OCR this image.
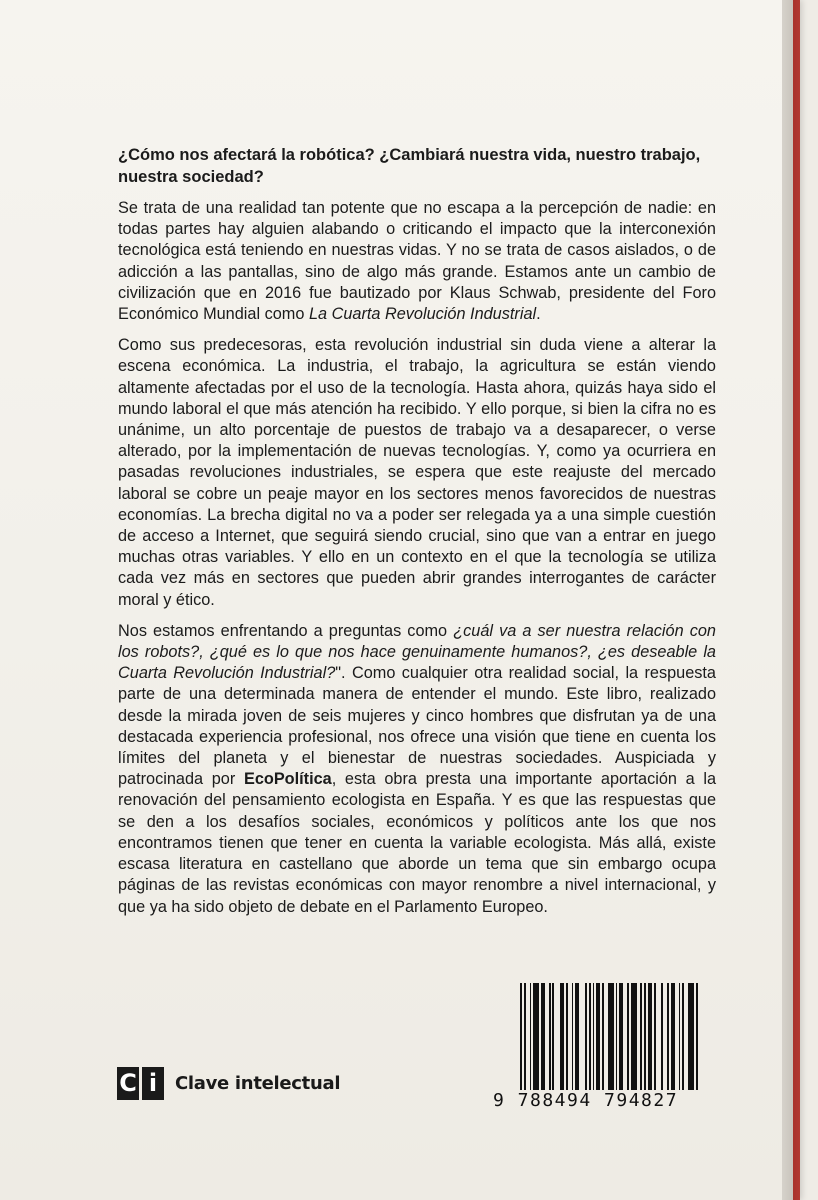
¿Cómo nos afectará la robótica? ¿Cambiará nuestra vida, nuestro trabajo, nuestra sociedad?

Se trata de una realidad tan potente que no escapa a la percepción de nadie: en todas partes hay alguien alabando o criticando el impacto que la interconexión tecnológica está teniendo en nuestras vidas. Y no se trata de casos aislados, o de adicción a las pantallas, sino de algo más grande. Estamos ante un cambio de civilización que en 2016 fue bautizado por Klaus Schwab, presidente del Foro Económico Mundial como La Cuarta Revolución Industrial.

Como sus predecesoras, esta revolución industrial sin duda viene a alterar la escena económica. La industria, el trabajo, la agricultura se están viendo altamente afectadas por el uso de la tecnología. Hasta ahora, quizás haya sido el mundo laboral el que más atención ha recibido. Y ello porque, si bien la cifra no es unánime, un alto porcentaje de puestos de trabajo va a desaparecer, o verse alterado, por la implementación de nuevas tecnologías. Y, como ya ocurriera en pasadas revoluciones industriales, se espera que este reajuste del mercado laboral se cobre un peaje mayor en los sectores menos favorecidos de nuestras economías. La brecha digital no va a poder ser relegada ya a una simple cuestión de acceso a Internet, que seguirá siendo crucial, sino que van a entrar en juego muchas otras variables. Y ello en un contexto en el que la tecnología se utiliza cada vez más en sectores que pueden abrir grandes interrogantes de carácter moral y ético.

Nos estamos enfrentando a preguntas como ¿cuál va a ser nuestra relación con los robots?, ¿qué es lo que nos hace genuinamente humanos?, ¿es deseable la Cuarta Revolución Industrial?". Como cualquier otra realidad social, la respuesta parte de una determinada manera de entender el mundo. Este libro, realizado desde la mirada joven de seis mujeres y cinco hombres que disfrutan ya de una destacada experiencia profesional, nos ofrece una visión que tiene en cuenta los límites del planeta y el bienestar de nuestras sociedades. Auspiciada y patrocinada por EcoPolítica, esta obra presta una importante aportación a la renovación del pensamiento ecologista en España. Y es que las respuestas que se den a los desafíos sociales, económicos y políticos ante los que nos encontramos tienen que tener en cuenta la variable ecologista. Más allá, existe escasa literatura en castellano que aborde un tema que sin embargo ocupa páginas de las revistas económicas con mayor renombre a nivel internacional, y que ya ha sido objeto de debate en el Parlamento Europeo.

C i Clave intelectual
9 788494 794827
